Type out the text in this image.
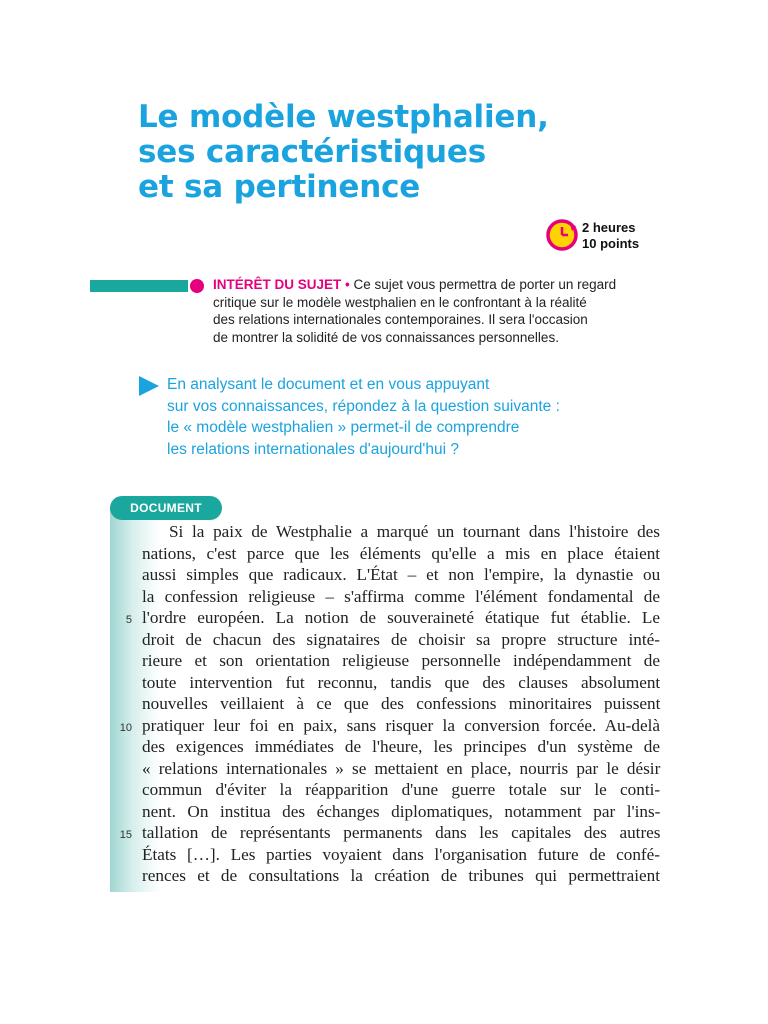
Le modèle westphalien,
ses caractéristiques
et sa pertinence
2 heures
10 points
INTÉRÊT DU SUJET • Ce sujet vous permettra de porter un regard
critique sur le modèle westphalien en le confrontant à la réalité
des relations internationales contemporaines. Il sera l'occasion
de montrer la solidité de vos connaissances personnelles.
En analysant le document et en vous appuyant
sur vos connaissances, répondez à la question suivante :
le « modèle westphalien » permet-il de comprendre
les relations internationales d'aujourd'hui ?
DOCUMENT
Si la paix de Westphalie a marqué un tournant dans l'histoire des
nations, c'est parce que les éléments qu'elle a mis en place étaient
aussi simples que radicaux. L'État – et non l'empire, la dynastie ou
la confession religieuse – s'affirma comme l'élément fondamental de
l'ordre européen. La notion de souveraineté étatique fut établie. Le
droit de chacun des signataires de choisir sa propre structure inté-
rieure et son orientation religieuse personnelle indépendamment de
toute intervention fut reconnu, tandis que des clauses absolument
nouvelles veillaient à ce que des confessions minoritaires puissent
pratiquer leur foi en paix, sans risquer la conversion forcée. Au-delà
des exigences immédiates de l'heure, les principes d'un système de
« relations internationales » se mettaient en place, nourris par le désir
commun d'éviter la réapparition d'une guerre totale sur le conti-
nent. On institua des échanges diplomatiques, notamment par l'ins-
tallation de représentants permanents dans les capitales des autres
États […]. Les parties voyaient dans l'organisation future de confé-
rences et de consultations la création de tribunes qui permettraient
5
10
15
